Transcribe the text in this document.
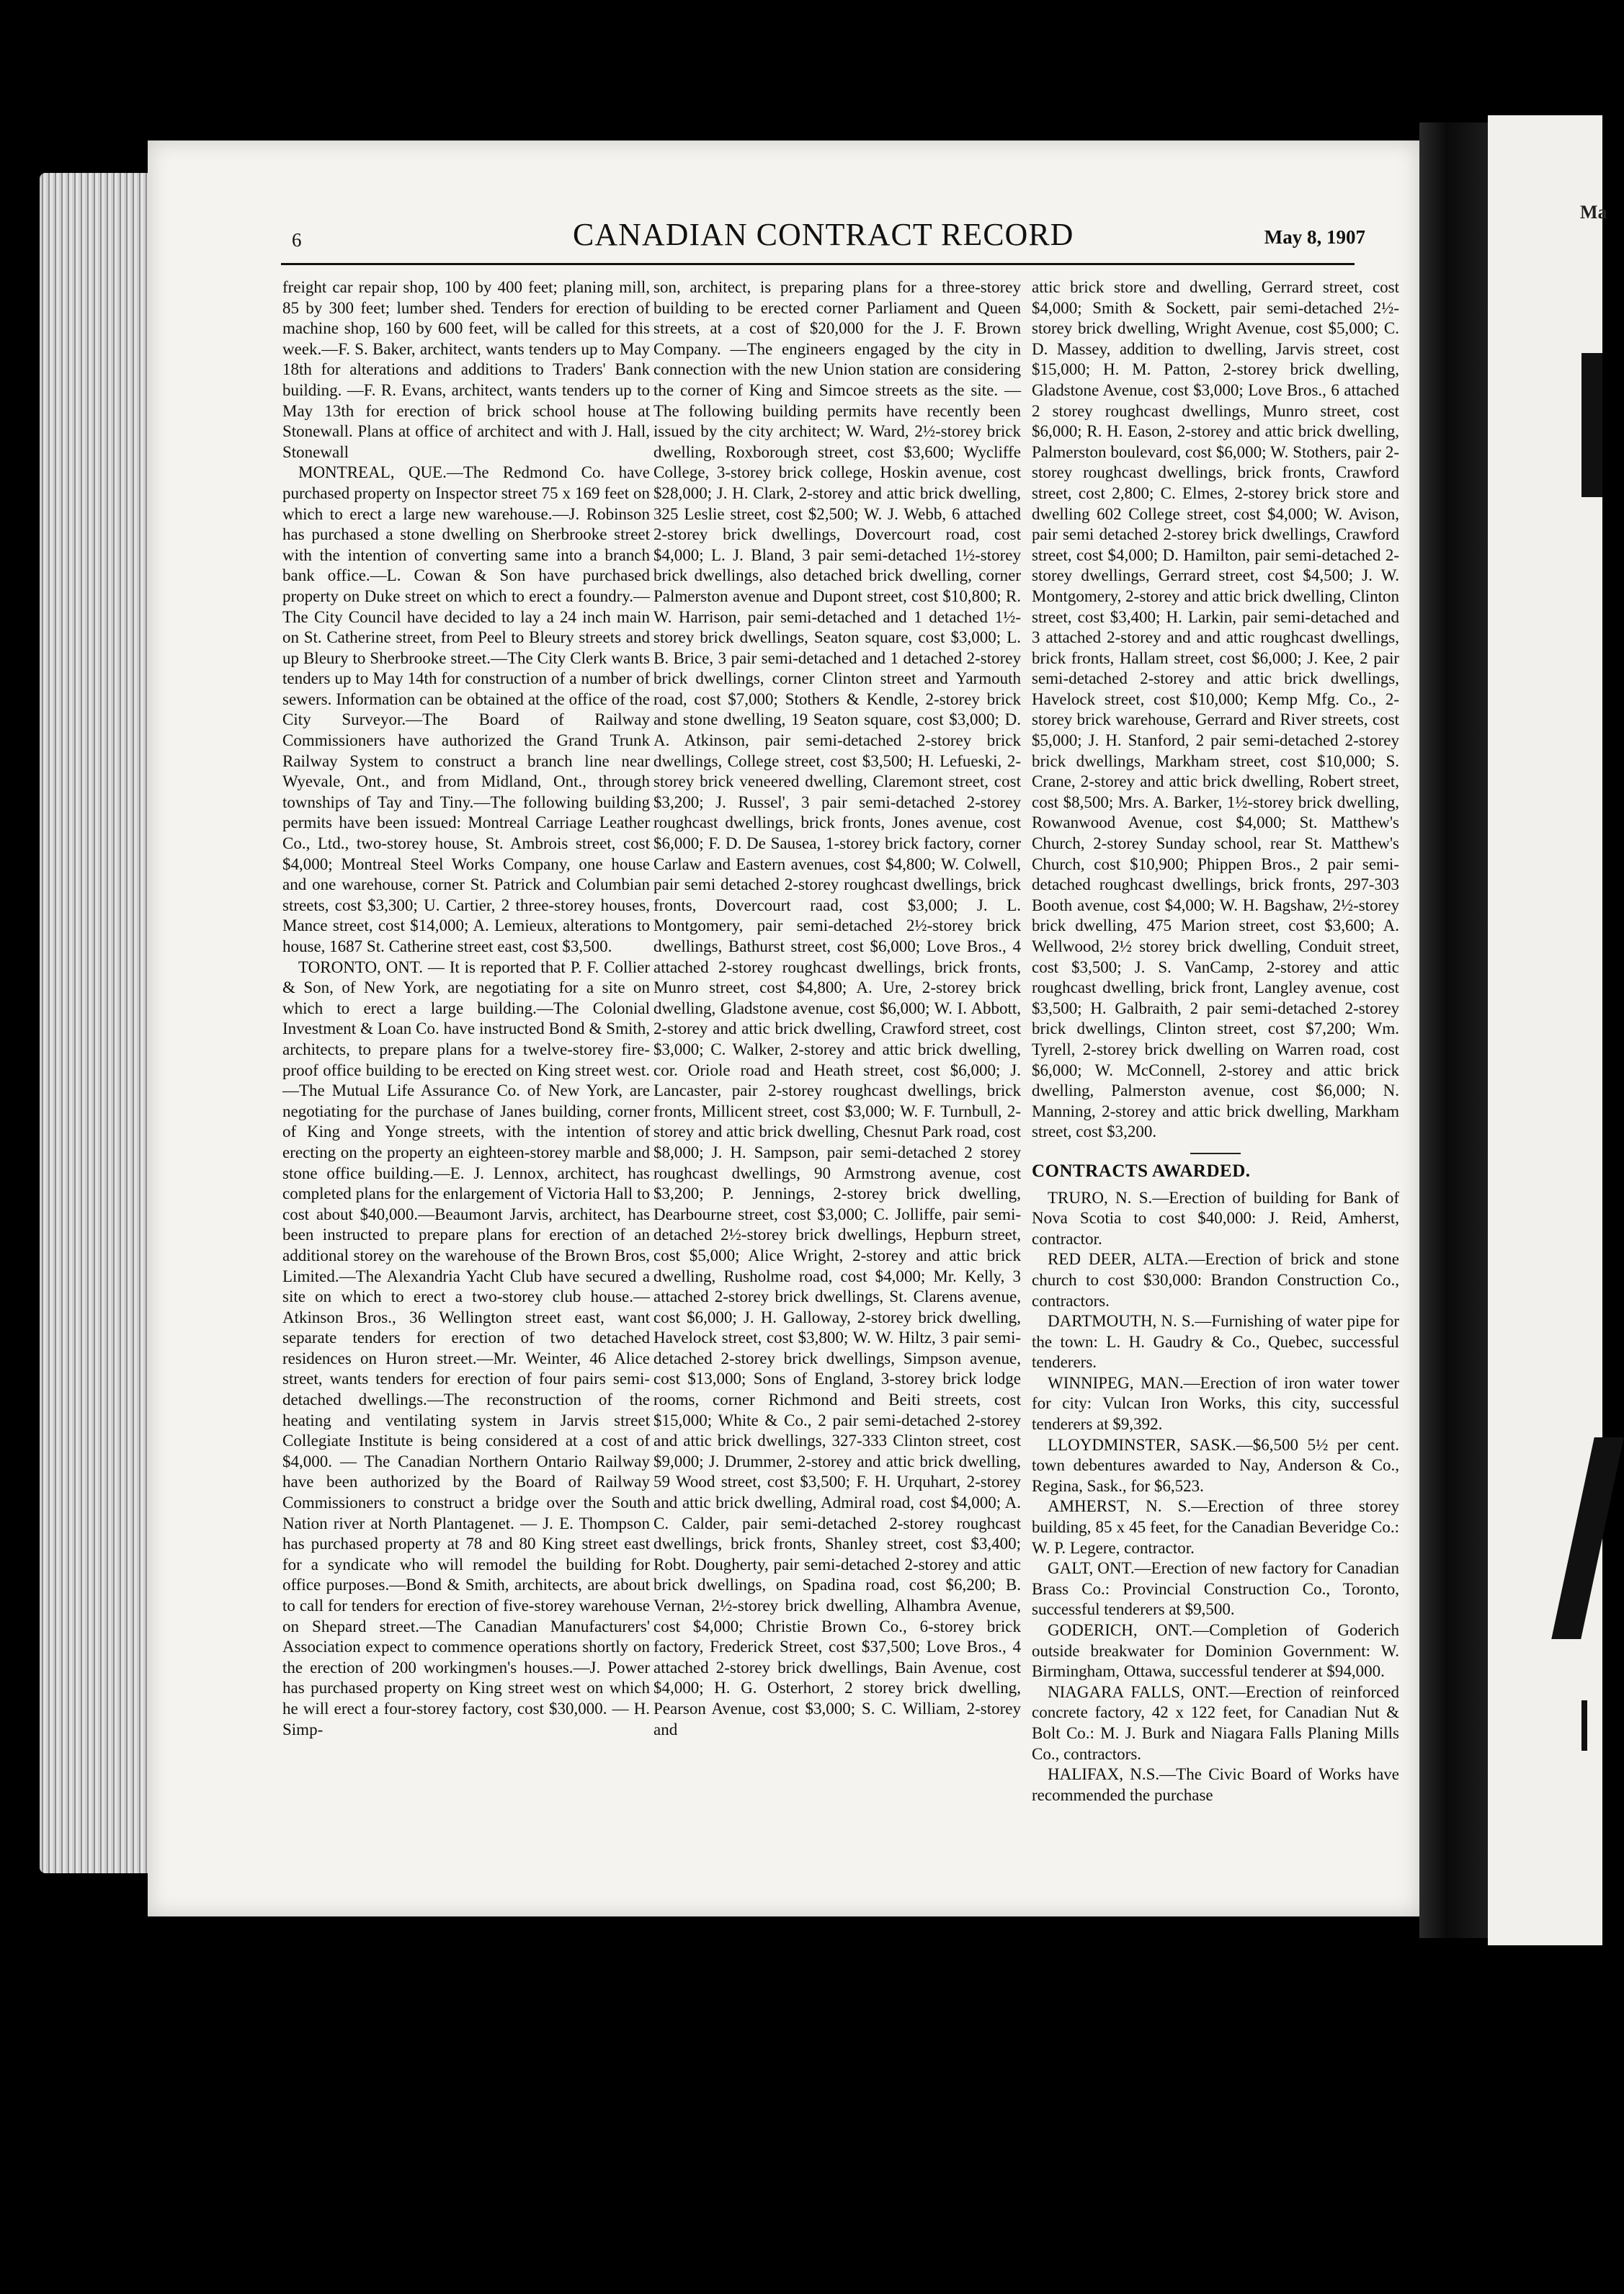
Ma
6	CANADIAN CONTRACT RECORD	May 8, 1907

freight car repair shop, 100 by 400 feet; planing mill, 85 by 300 feet; lumber shed. Tenders for erection of machine shop, 160 by 600 feet, will be called for this week.—F. S. Baker, architect, wants tenders up to May 18th for alterations and additions to Traders' Bank building. —F. R. Evans, architect, wants tenders up to May 13th for erection of brick school house at Stonewall. Plans at office of architect and with J. Hall, Stonewall

MONTREAL, QUE.—The Redmond Co. have purchased property on Inspector street 75 x 169 feet on which to erect a large new warehouse.—J. Robinson has purchased a stone dwelling on Sherbrooke street with the intention of converting same into a branch bank office.—L. Cowan & Son have purchased property on Duke street on which to erect a foundry.—The City Council have decided to lay a 24 inch main on St. Catherine street, from Peel to Bleury streets and up Bleury to Sherbrooke street.—The City Clerk wants tenders up to May 14th for construction of a number of sewers. Information can be obtained at the office of the City Surveyor.—The Board of Railway Commissioners have authorized the Grand Trunk Railway System to construct a branch line near Wyevale, Ont., and from Midland, Ont., through townships of Tay and Tiny.—The following building permits have been issued: Montreal Carriage Leather Co., Ltd., two-storey house, St. Ambrois street, cost $4,000; Montreal Steel Works Company, one house and one warehouse, corner St. Patrick and Columbian streets, cost $3,300; U. Cartier, 2 three-storey houses, Mance street, cost $14,000; A. Lemieux, alterations to house, 1687 St. Catherine street east, cost $3,500.

TORONTO, ONT. — It is reported that P. F. Collier & Son, of New York, are negotiating for a site on which to erect a large building.—The Colonial Investment & Loan Co. have instructed Bond & Smith, architects, to prepare plans for a twelve-storey fire-proof office building to be erected on King street west.—The Mutual Life Assurance Co. of New York, are negotiating for the purchase of Janes building, corner of King and Yonge streets, with the intention of erecting on the property an eighteen-storey marble and stone office building.—E. J. Lennox, architect, has completed plans for the enlargement of Victoria Hall to cost about $40,000.—Beaumont Jarvis, architect, has been instructed to prepare plans for erection of an additional storey on the warehouse of the Brown Bros, Limited.—The Alexandria Yacht Club have secured a site on which to erect a two-storey club house.—Atkinson Bros., 36 Wellington street east, want separate tenders for erection of two detached residences on Huron street.—Mr. Weinter, 46 Alice street, wants tenders for erection of four pairs semi-detached dwellings.—The reconstruction of the heating and ventilating system in Jarvis street Collegiate Institute is being considered at a cost of $4,000. — The Canadian Northern Ontario Railway have been authorized by the Board of Railway Commissioners to construct a bridge over the South Nation river at North Plantagenet. — J. E. Thompson has purchased property at 78 and 80 King street east for a syndicate who will remodel the building for office purposes.—Bond & Smith, architects, are about to call for tenders for erection of five-storey warehouse on Shepard street.—The Canadian Manufacturers' Association expect to commence operations shortly on the erection of 200 workingmen's houses.—J. Power has purchased property on King street west on which he will erect a four-storey factory, cost $30,000. — H. Simp-

son, architect, is preparing plans for a three-storey building to be erected corner Parliament and Queen streets, at a cost of $20,000 for the J. F. Brown Company. —The engineers engaged by the city in connection with the new Union station are considering the corner of King and Simcoe streets as the site. — The following building permits have recently been issued by the city architect; W. Ward, 2½-storey brick dwelling, Roxborough street, cost $3,600; Wycliffe College, 3-storey brick college, Hoskin avenue, cost $28,000; J. H. Clark, 2-storey and attic brick dwelling, 325 Leslie street, cost $2,500; W. J. Webb, 6 attached 2-storey brick dwellings, Dovercourt road, cost $4,000; L. J. Bland, 3 pair semi-detached 1½-storey brick dwellings, also detached brick dwelling, corner Palmerston avenue and Dupont street, cost $10,800; R. W. Harrison, pair semi-detached and 1 detached 1½-storey brick dwellings, Seaton square, cost $3,000; L. B. Brice, 3 pair semi-detached and 1 detached 2-storey brick dwellings, corner Clinton street and Yarmouth road, cost $7,000; Stothers & Kendle, 2-storey brick and stone dwelling, 19 Seaton square, cost $3,000; D. A. Atkinson, pair semi-detached 2-storey brick dwellings, College street, cost $3,500; H. Lefueski, 2-storey brick veneered dwelling, Claremont street, cost $3,200; J. Russel', 3 pair semi-detached 2-storey roughcast dwellings, brick fronts, Jones avenue, cost $6,000; F. D. De Sausea, 1-storey brick factory, corner Carlaw and Eastern avenues, cost $4,800; W. Colwell, pair semi detached 2-storey roughcast dwellings, brick fronts, Dovercourt raad, cost $3,000; J. L. Montgomery, pair semi-detached 2½-storey brick dwellings, Bathurst street, cost $6,000; Love Bros., 4 attached 2-storey roughcast dwellings, brick fronts, Munro street, cost $4,800; A. Ure, 2-storey brick dwelling, Gladstone avenue, cost $6,000; W. I. Abbott, 2-storey and attic brick dwelling, Crawford street, cost $3,000; C. Walker, 2-storey and attic brick dwelling, cor. Oriole road and Heath street, cost $6,000; J. Lancaster, pair 2-storey roughcast dwellings, brick fronts, Millicent street, cost $3,000; W. F. Turnbull, 2-storey and attic brick dwelling, Chesnut Park road, cost $8,000; J. H. Sampson, pair semi-detached 2 storey roughcast dwellings, 90 Armstrong avenue, cost $3,200; P. Jennings, 2-storey brick dwelling, Dearbourne street, cost $3,000; C. Jolliffe, pair semi-detached 2½-storey brick dwellings, Hepburn street, cost $5,000; Alice Wright, 2-storey and attic brick dwelling, Rusholme road, cost $4,000; Mr. Kelly, 3 attached 2-storey brick dwellings, St. Clarens avenue, cost $6,000; J. H. Galloway, 2-storey brick dwelling, Havelock street, cost $3,800; W. W. Hiltz, 3 pair semi-detached 2-storey brick dwellings, Simpson avenue, cost $13,000; Sons of England, 3-storey brick lodge rooms, corner Richmond and Beiti streets, cost $15,000; White & Co., 2 pair semi-detached 2-storey and attic brick dwellings, 327-333 Clinton street, cost $9,000; J. Drummer, 2-storey and attic brick dwelling, 59 Wood street, cost $3,500; F. H. Urquhart, 2-storey and attic brick dwelling, Admiral road, cost $4,000; A. C. Calder, pair semi-detached 2-storey roughcast dwellings, brick fronts, Shanley street, cost $3,400; Robt. Dougherty, pair semi-detached 2-storey and attic brick dwellings, on Spadina road, cost $6,200; B. Vernan, 2½-storey brick dwelling, Alhambra Avenue, cost $4,000; Christie Brown Co., 6-storey brick factory, Frederick Street, cost $37,500; Love Bros., 4 attached 2-storey brick dwellings, Bain Avenue, cost $4,000; H. G. Osterhort, 2 storey brick dwelling, Pearson Avenue, cost $3,000; S. C. William, 2-storey and

attic brick store and dwelling, Gerrard street, cost $4,000; Smith & Sockett, pair semi-detached 2½-storey brick dwelling, Wright Avenue, cost $5,000; C. D. Massey, addition to dwelling, Jarvis street, cost $15,000; H. M. Patton, 2-storey brick dwelling, Gladstone Avenue, cost $3,000; Love Bros., 6 attached 2 storey roughcast dwellings, Munro street, cost $6,000; R. H. Eason, 2-storey and attic brick dwelling, Palmerston boulevard, cost $6,000; W. Stothers, pair 2-storey roughcast dwellings, brick fronts, Crawford street, cost 2,800; C. Elmes, 2-storey brick store and dwelling 602 College street, cost $4,000; W. Avison, pair semi detached 2-storey brick dwellings, Crawford street, cost $4,000; D. Hamilton, pair semi-detached 2-storey dwellings, Gerrard street, cost $4,500; J. W. Montgomery, 2-storey and attic brick dwelling, Clinton street, cost $3,400; H. Larkin, pair semi-detached and 3 attached 2-storey and and attic roughcast dwellings, brick fronts, Hallam street, cost $6,000; J. Kee, 2 pair semi-detached 2-storey and attic brick dwellings, Havelock street, cost $10,000; Kemp Mfg. Co., 2-storey brick warehouse, Gerrard and River streets, cost $5,000; J. H. Stanford, 2 pair semi-detached 2-storey brick dwellings, Markham street, cost $10,000; S. Crane, 2-storey and attic brick dwelling, Robert street, cost $8,500; Mrs. A. Barker, 1½-storey brick dwelling, Rowanwood Avenue, cost $4,000; St. Matthew's Church, 2-storey Sunday school, rear St. Matthew's Church, cost $10,900; Phippen Bros., 2 pair semi-detached roughcast dwellings, brick fronts, 297-303 Booth avenue, cost $4,000; W. H. Bagshaw, 2½-storey brick dwelling, 475 Marion street, cost $3,600; A. Wellwood, 2½ storey brick dwelling, Conduit street, cost $3,500; J. S. VanCamp, 2-storey and attic roughcast dwelling, brick front, Langley avenue, cost $3,500; H. Galbraith, 2 pair semi-detached 2-storey brick dwellings, Clinton street, cost $7,200; Wm. Tyrell, 2-storey brick dwelling on Warren road, cost $6,000; W. McConnell, 2-storey and attic brick dwelling, Palmerston avenue, cost $6,000; N. Manning, 2-storey and attic brick dwelling, Markham street, cost $3,200.

CONTRACTS AWARDED.

TRURO, N. S.—Erection of building for Bank of Nova Scotia to cost $40,000: J. Reid, Amherst, contractor.

RED DEER, ALTA.—Erection of brick and stone church to cost $30,000: Brandon Construction Co., contractors.

DARTMOUTH, N. S.—Furnishing of water pipe for the town: L. H. Gaudry & Co., Quebec, successful tenderers.

WINNIPEG, MAN.—Erection of iron water tower for city: Vulcan Iron Works, this city, successful tenderers at $9,392.

LLOYDMINSTER, SASK.—$6,500 5½ per cent. town debentures awarded to Nay, Anderson & Co., Regina, Sask., for $6,523.

AMHERST, N. S.—Erection of three storey building, 85 x 45 feet, for the Canadian Beveridge Co.: W. P. Legere, contractor.

GALT, ONT.—Erection of new factory for Canadian Brass Co.: Provincial Construction Co., Toronto, successful tenderers at $9,500.

GODERICH, ONT.—Completion of Goderich outside breakwater for Dominion Government: W. Birmingham, Ottawa, successful tenderer at $94,000.

NIAGARA FALLS, ONT.—Erection of reinforced concrete factory, 42 x 122 feet, for Canadian Nut & Bolt Co.: M. J. Burk and Niagara Falls Planing Mills Co., contractors.

HALIFAX, N.S.—The Civic Board of Works have recommended the purchase
